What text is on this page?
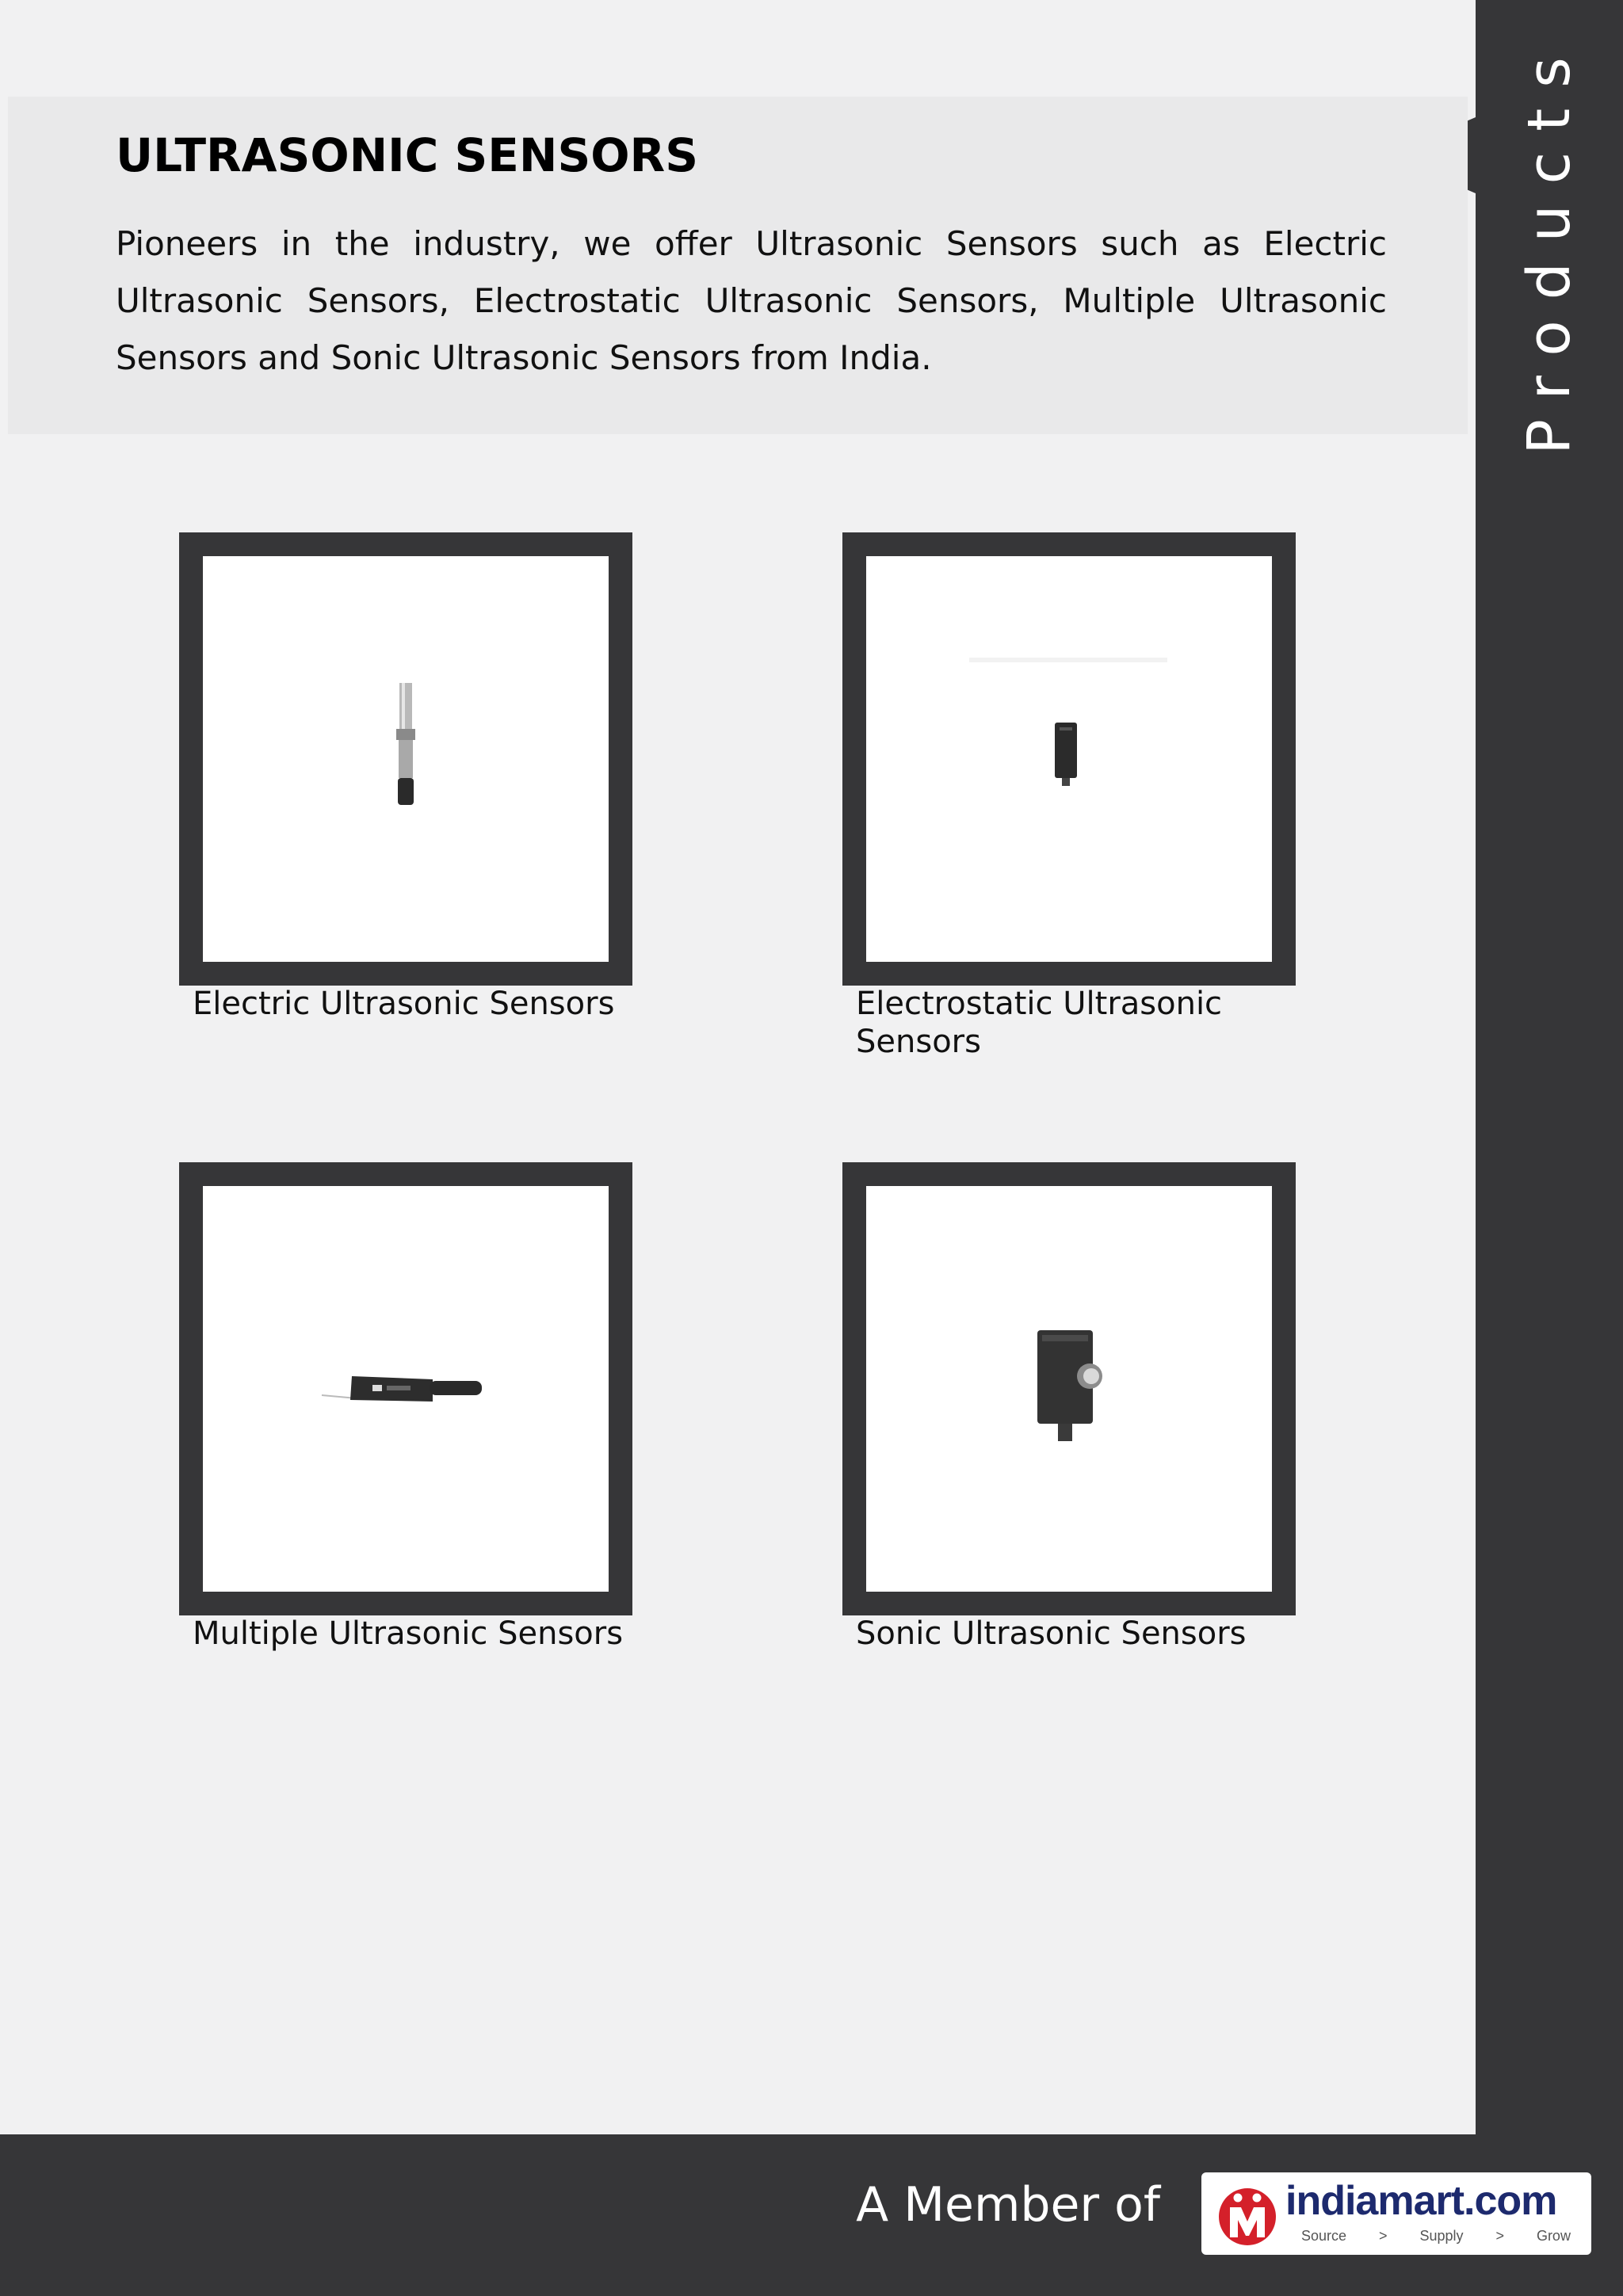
Products
ULTRASONIC SENSORS

Pioneers in the industry, we offer Ultrasonic Sensors such as Electric Ultrasonic Sensors, Electrostatic Ultrasonic Sensors, Multiple Ultrasonic Sensors and Sonic Ultrasonic Sensors from India.

Electric Ultrasonic Sensors	Electrostatic Ultrasonic Sensors

Multiple Ultrasonic Sensors	Sonic Ultrasonic Sensors

A Member of	indiamart.com
Source > Supply > Grow
